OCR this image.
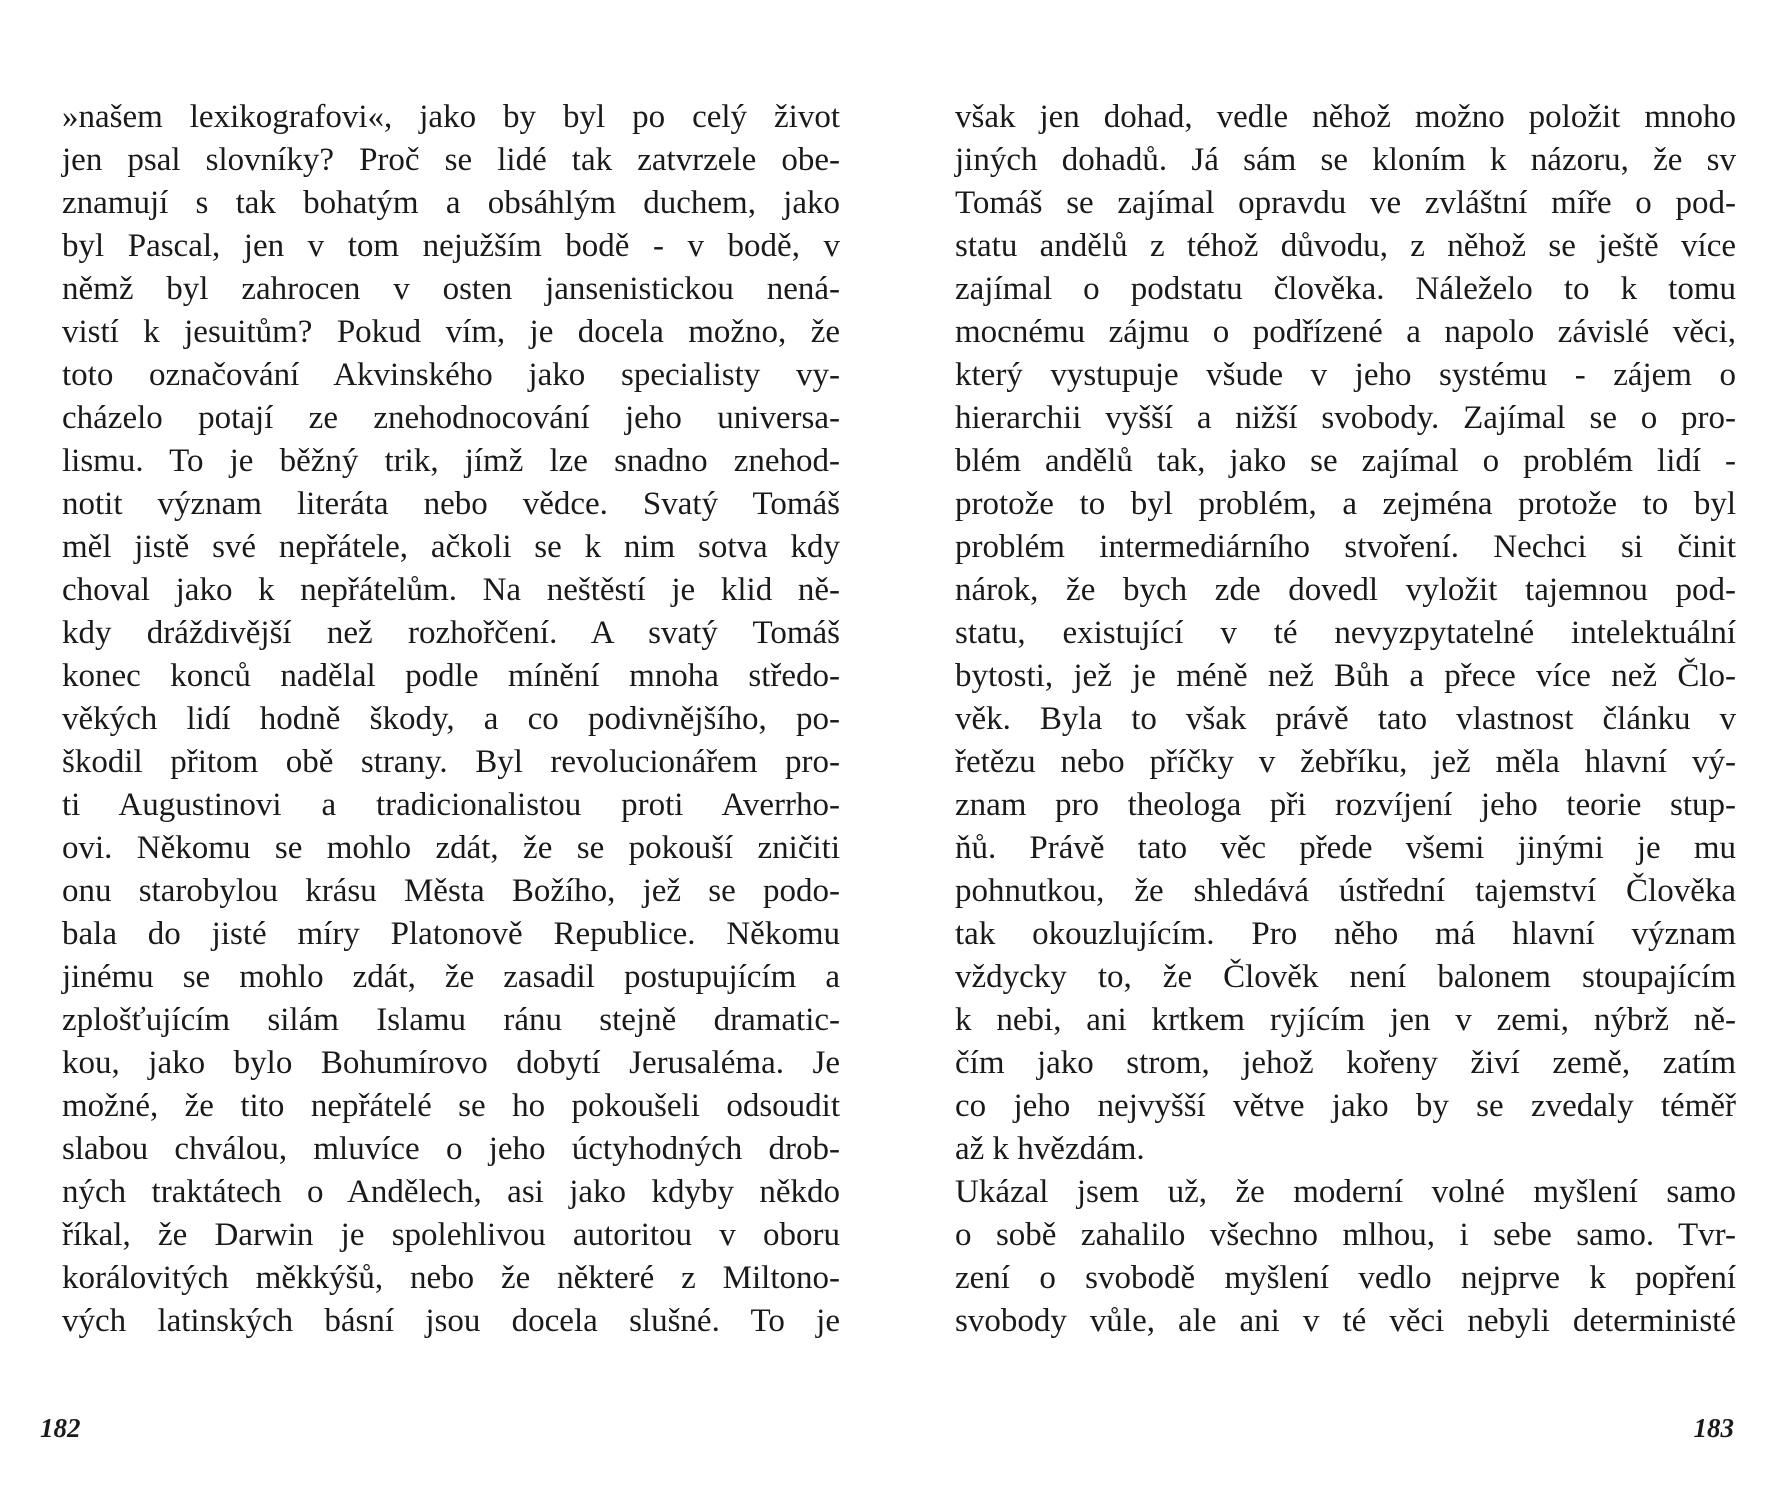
»našem lexikografovi«, jako by byl po celý život
jen psal slovníky? Proč se lidé tak zatvrzele obe-
znamují s tak bohatým a obsáhlým duchem, jako
byl Pascal, jen v tom nejužším bodě - v bodě, v
němž byl zahrocen v osten jansenistickou nená-
vistí k jesuitům? Pokud vím, je docela možno, že
toto označování Akvinského jako specialisty vy-
cházelo potají ze znehodnocování jeho universa-
lismu. To je běžný trik, jímž lze snadno znehod-
notit význam literáta nebo vědce. Svatý Tomáš
měl jistě své nepřátele, ačkoli se k nim sotva kdy
choval jako k nepřátelům. Na neštěstí je klid ně-
kdy dráždivější než rozhořčení. A svatý Tomáš
konec konců nadělal podle mínění mnoha středo-
věkých lidí hodně škody, a co podivnějšího, po-
škodil přitom obě strany. Byl revolucionářem pro-
ti Augustinovi a tradicionalistou proti Averrho-
ovi. Někomu se mohlo zdát, že se pokouší zničiti
onu starobylou krásu Města Božího, jež se podo-
bala do jisté míry Platonově Republice. Někomu
jinému se mohlo zdát, že zasadil postupujícím a
zplošťujícím silám Islamu ránu stejně dramatic-
kou, jako bylo Bohumírovo dobytí Jerusaléma. Je
možné, že tito nepřátelé se ho pokoušeli odsoudit
slabou chválou, mluvíce o jeho úctyhodných drob-
ných traktátech o Andělech, asi jako kdyby někdo
říkal, že Darwin je spolehlivou autoritou v oboru
korálovitých měkkýšů, nebo že některé z Miltono-
vých latinských básní jsou docela slušné. To je
182
však jen dohad, vedle něhož možno položit mnoho
jiných dohadů. Já sám se kloním k názoru, že sv
Tomáš se zajímal opravdu ve zvláštní míře o pod-
statu andělů z téhož důvodu, z něhož se ještě více
zajímal o podstatu člověka. Náleželo to k tomu
mocnému zájmu o podřízené a napolo závislé věci,
který vystupuje všude v jeho systému - zájem o
hierarchii vyšší a nižší svobody. Zajímal se o pro-
blém andělů tak, jako se zajímal o problém lidí -
protože to byl problém, a zejména protože to byl
problém intermediárního stvoření. Nechci si činit
nárok, že bych zde dovedl vyložit tajemnou pod-
statu, existující v té nevyzpytatelné intelektuální
bytosti, jež je méně než Bůh a přece více než Člo-
věk. Byla to však právě tato vlastnost článku v
řetězu nebo příčky v žebříku, jež měla hlavní vý-
znam pro theologa při rozvíjení jeho teorie stup-
ňů. Právě tato věc přede všemi jinými je mu
pohnutkou, že shledává ústřední tajemství Člověka
tak okouzlujícím. Pro něho má hlavní význam
vždycky to, že Člověk není balonem stoupajícím
k nebi, ani krtkem ryjícím jen v zemi, nýbrž ně-
čím jako strom, jehož kořeny živí země, zatím
co jeho nejvyšší větve jako by se zvedaly téměř
až k hvězdám.
Ukázal jsem už, že moderní volné myšlení samo
o sobě zahalilo všechno mlhou, i sebe samo. Tvr-
zení o svobodě myšlení vedlo nejprve k popření
svobody vůle, ale ani v té věci nebyli deterministé
183
